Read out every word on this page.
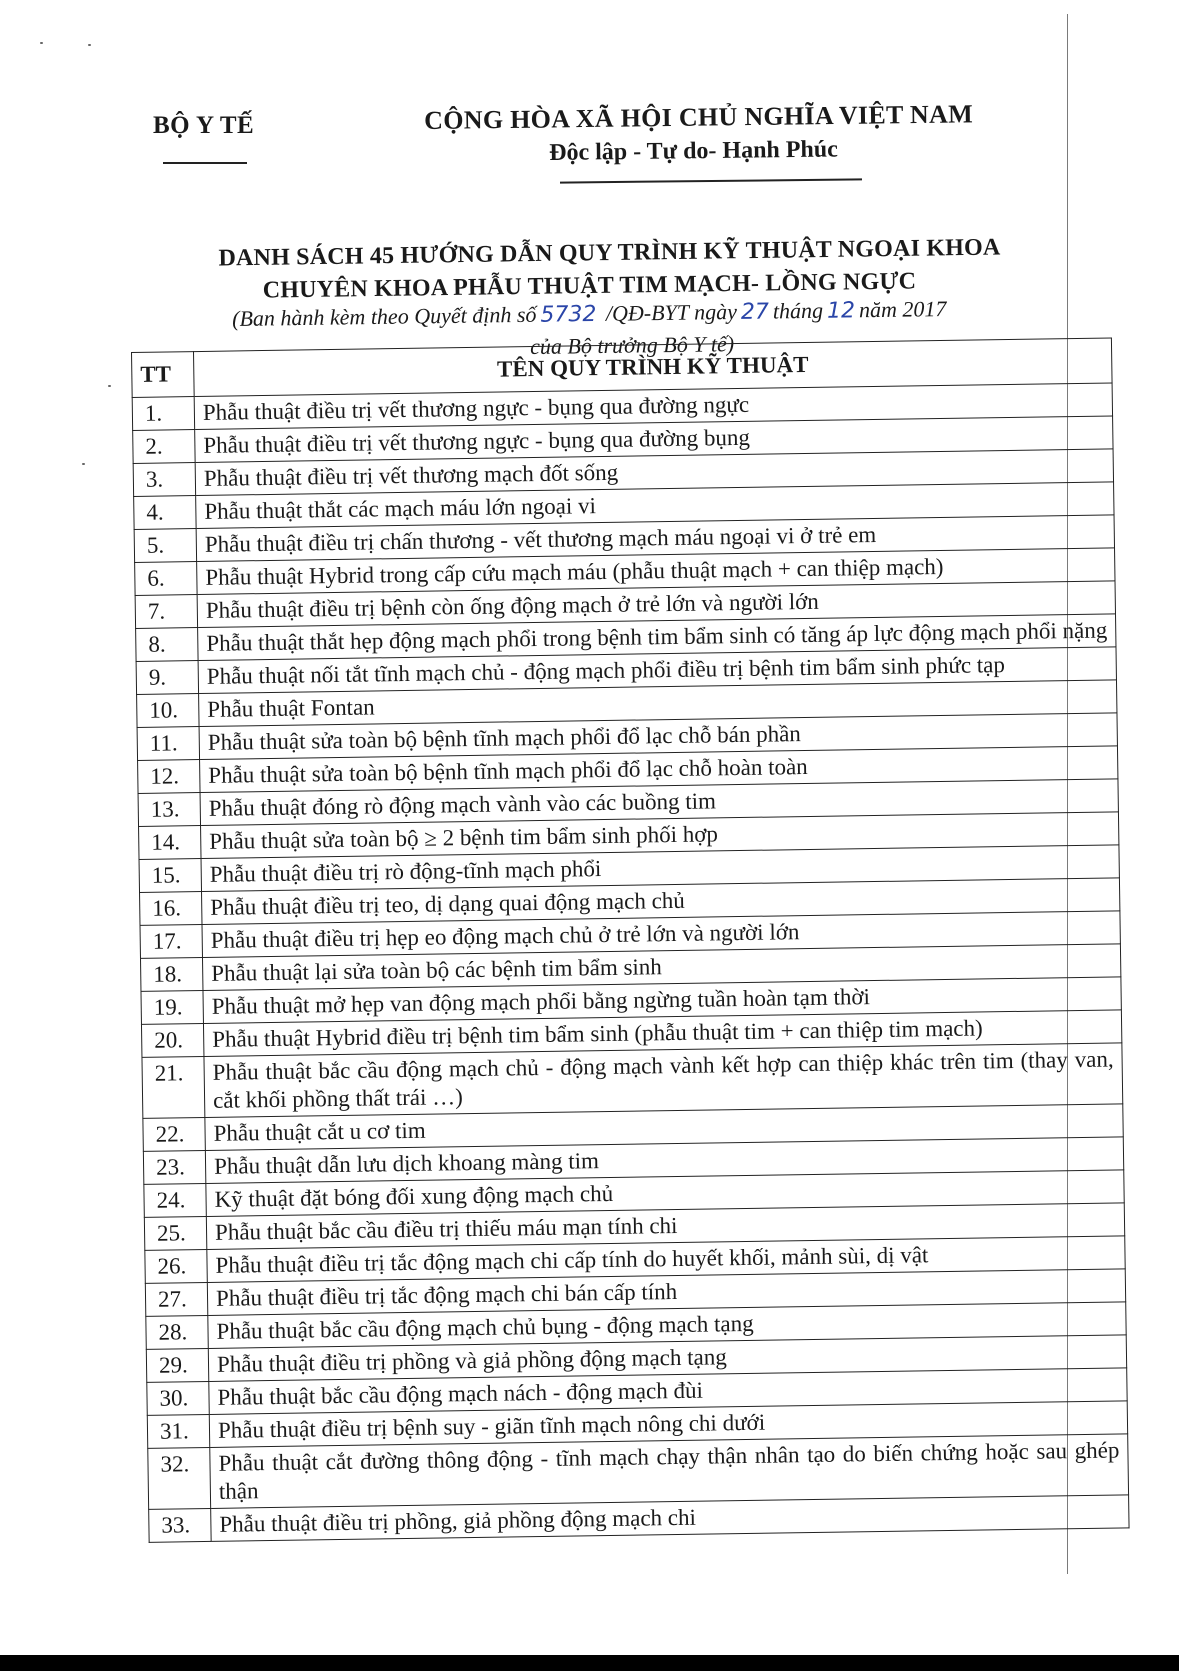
BỘ Y TẾ	CỘNG HÒA XÃ HỘI CHỦ NGHĨA VIỆT NAM
Độc lập - Tự do- Hạnh Phúc
DANH SÁCH 45 HƯỚNG DẪN QUY TRÌNH KỸ THUẬT NGOẠI KHOA
CHUYÊN KHOA PHẪU THUẬT TIM MẠCH- LỒNG NGỰC
(Ban hành kèm theo Quyết định số 5732 /QĐ-BYT ngày 27 tháng 12 năm 2017
của Bộ trưởng Bộ Y tế)
TT	TÊN QUY TRÌNH KỸ THUẬT
1.	Phẫu thuật điều trị vết thương ngực - bụng qua đường ngực
2.	Phẫu thuật điều trị vết thương ngực - bụng qua đường bụng
3.	Phẫu thuật điều trị vết thương mạch đốt sống
4.	Phẫu thuật thắt các mạch máu lớn ngoại vi
5.	Phẫu thuật điều trị chấn thương - vết thương mạch máu ngoại vi ở trẻ em
6.	Phẫu thuật Hybrid trong cấp cứu mạch máu (phẫu thuật mạch + can thiệp mạch)
7.	Phẫu thuật điều trị bệnh còn ống động mạch ở trẻ lớn và người lớn
8.	Phẫu thuật thắt hẹp động mạch phổi trong bệnh tim bẩm sinh có tăng áp lực động mạch phổi nặng
9.	Phẫu thuật nối tắt tĩnh mạch chủ - động mạch phổi điều trị bệnh tim bẩm sinh phức tạp
10.	Phẫu thuật Fontan
11.	Phẫu thuật sửa toàn bộ bệnh tĩnh mạch phổi đổ lạc chỗ bán phần
12.	Phẫu thuật sửa toàn bộ bệnh tĩnh mạch phổi đổ lạc chỗ hoàn toàn
13.	Phẫu thuật đóng rò động mạch vành vào các buồng tim
14.	Phẫu thuật sửa toàn bộ ≥ 2 bệnh tim bẩm sinh phối hợp
15.	Phẫu thuật điều trị rò động-tĩnh mạch phổi
16.	Phẫu thuật điều trị teo, dị dạng quai động mạch chủ
17.	Phẫu thuật điều trị hẹp eo động mạch chủ ở trẻ lớn và người lớn
18.	Phẫu thuật lại sửa toàn bộ các bệnh tim bẩm sinh
19.	Phẫu thuật mở hẹp van động mạch phổi bằng ngừng tuần hoàn tạm thời
20.	Phẫu thuật Hybrid điều trị bệnh tim bẩm sinh (phẫu thuật tim + can thiệp tim mạch)
21.	Phẫu thuật bắc cầu động mạch chủ - động mạch vành kết hợp can thiệp khác trên tim (thay van, cắt khối phồng thất trái …)
22.	Phẫu thuật cắt u cơ tim
23.	Phẫu thuật dẫn lưu dịch khoang màng tim
24.	Kỹ thuật đặt bóng đối xung động mạch chủ
25.	Phẫu thuật bắc cầu điều trị thiếu máu mạn tính chi
26.	Phẫu thuật điều trị tắc động mạch chi cấp tính do huyết khối, mảnh sùi, dị vật
27.	Phẫu thuật điều trị tắc động mạch chi bán cấp tính
28.	Phẫu thuật bắc cầu động mạch chủ bụng - động mạch tạng
29.	Phẫu thuật điều trị phồng và giả phồng động mạch tạng
30.	Phẫu thuật bắc cầu động mạch nách - động mạch đùi
31.	Phẫu thuật điều trị bệnh suy - giãn tĩnh mạch nông chi dưới
32.	Phẫu thuật cắt đường thông động - tĩnh mạch chạy thận nhân tạo do biến chứng hoặc sau ghép thận
33.	Phẫu thuật điều trị phồng, giả phồng động mạch chi
